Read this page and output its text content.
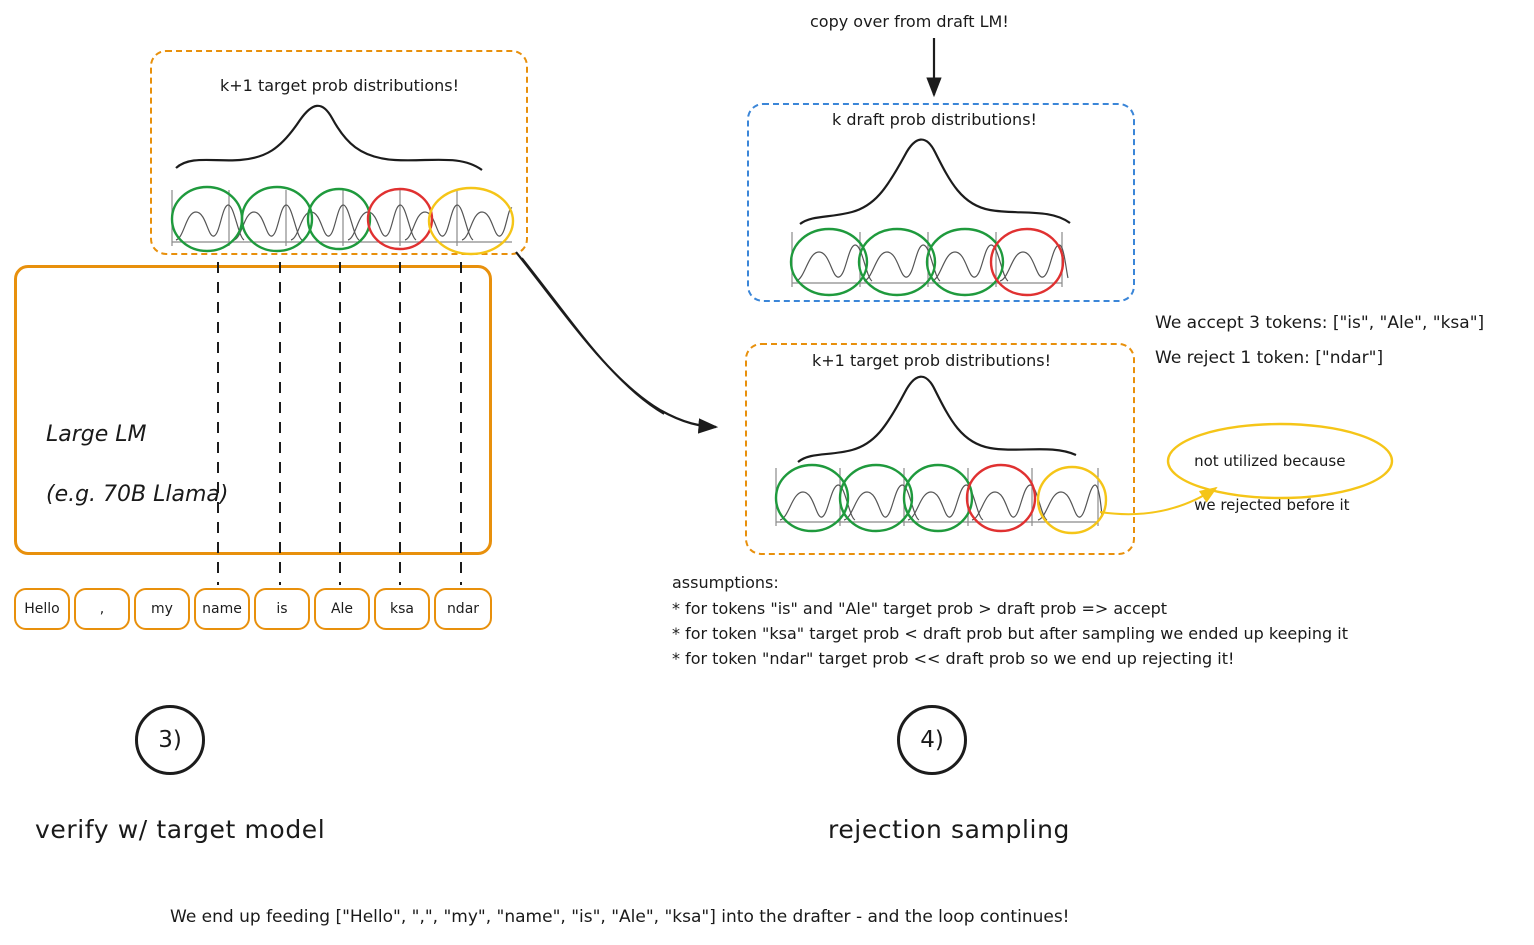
copy over from draft LM!
k+1 target prob distributions!
k draft prob distributions!
k+1 target prob distributions!

Large LM

(e.g. 70B Llama)

Hello	,	my	name	is	Ale	ksa	ndar
We accept 3 tokens: ["is", "Ale", "ksa"]
We reject 1 token: ["ndar"]

not utilized because

we rejected before it

assumptions:
* for tokens "is" and "Ale" target prob > draft prob => accept
* for token "ksa" target prob < draft prob but after sampling we ended up keeping it
* for token "ndar" target prob << draft prob so we end up rejecting it!
3)
verify w/ target model
4)
rejection sampling
We end up feeding ["Hello", ",", "my", "name", "is", "Ale", "ksa"] into the drafter - and the loop continues!
